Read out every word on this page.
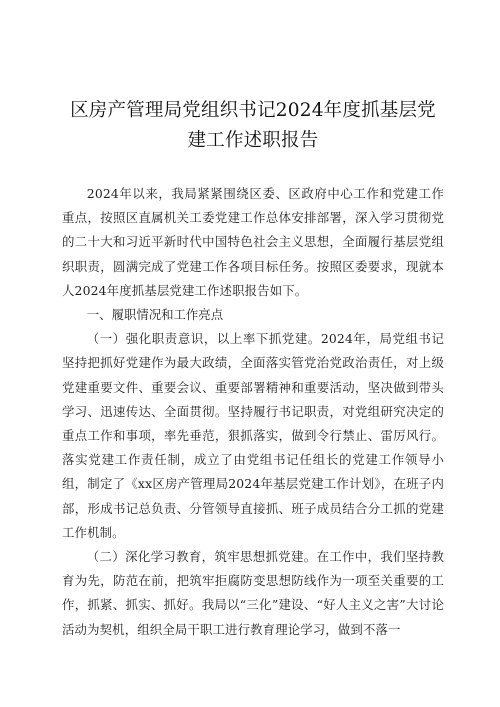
区房产管理局党组织书记2024年度抓基层党
建工作述职报告

2024年以来，我局紧紧围绕区委、区政府中心工作和党建工作重点，按照区直属机关工委党建工作总体安排部署，深入学习贯彻党的二十大和习近平新时代中国特色社会主义思想，全面履行基层党组织职责，圆满完成了党建工作各项目标任务。按照区委要求，现就本人2024年度抓基层党建工作述职报告如下。

一、履职情况和工作亮点

（一）强化职责意识，以上率下抓党建。2024年，局党组书记坚持把抓好党建作为最大政绩，全面落实管党治党政治责任，对上级党建重要文件、重要会议、重要部署精神和重要活动，坚决做到带头学习、迅速传达、全面贯彻。坚持履行书记职责，对党组研究决定的重点工作和事项，率先垂范，狠抓落实，做到令行禁止、雷厉风行。落实党建工作责任制，成立了由党组书记任组长的党建工作领导小组，制定了《xx区房产管理局2024年基层党建工作计划》，在班子内部，形成书记总负责、分管领导直接抓、班子成员结合分工抓的党建工作机制。

（二）深化学习教育，筑牢思想抓党建。在工作中，我们坚持教育为先，防范在前，把筑牢拒腐防变思想防线作为一项至关重要的工作，抓紧、抓实、抓好。我局以“三化”建设、“好人主义之害”大讨论活动为契机，组织全局干职工进行教育理论学习，做到不落一
